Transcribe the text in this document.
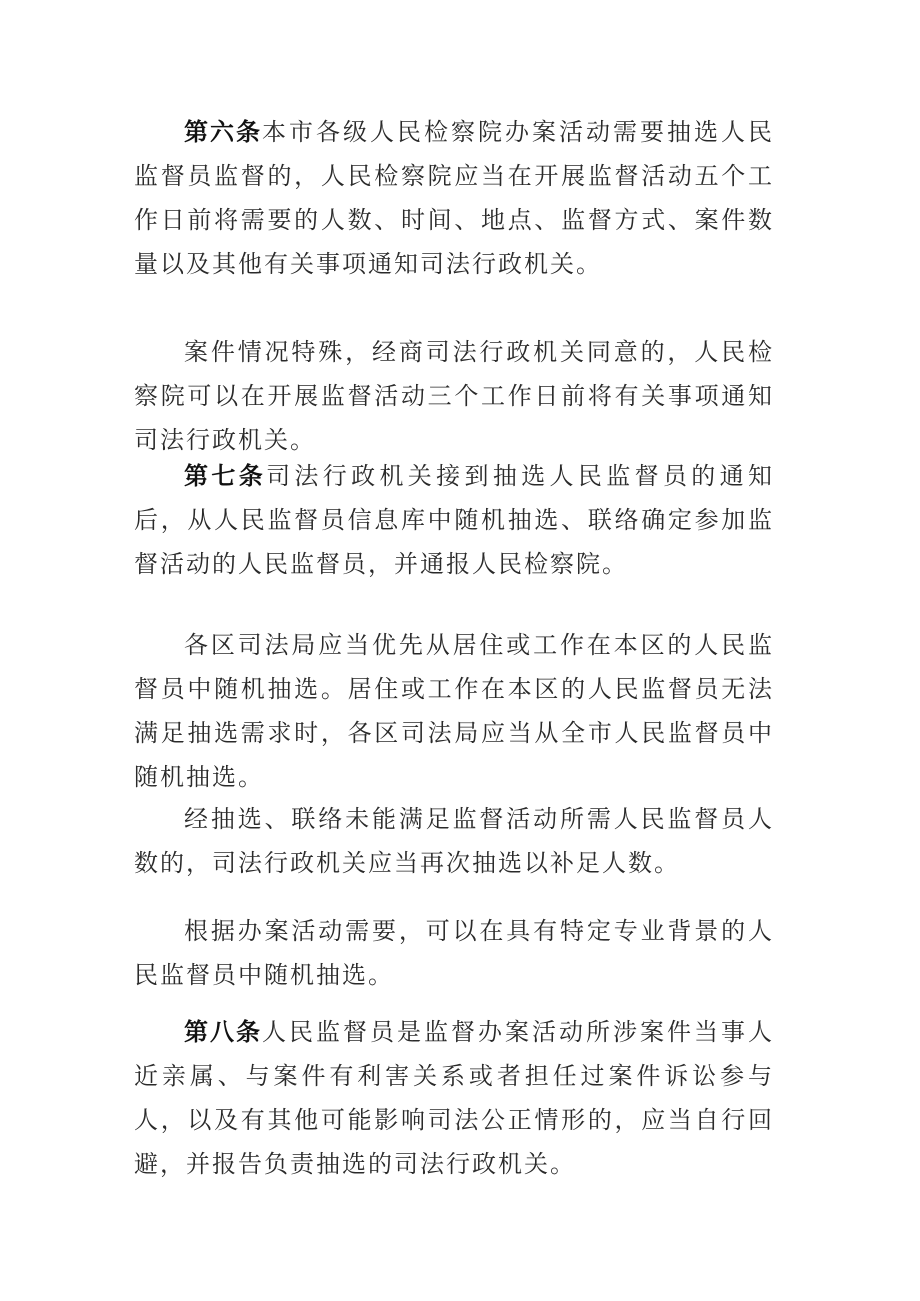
第六条本市各级人民检察院办案活动需要抽选人民监督员监督的，人民检察院应当在开展监督活动五个工作日前将需要的人数、时间、地点、监督方式、案件数量以及其他有关事项通知司法行政机关。

案件情况特殊，经商司法行政机关同意的，人民检察院可以在开展监督活动三个工作日前将有关事项通知司法行政机关。

第七条司法行政机关接到抽选人民监督员的通知后，从人民监督员信息库中随机抽选、联络确定参加监督活动的人民监督员，并通报人民检察院。

各区司法局应当优先从居住或工作在本区的人民监督员中随机抽选。居住或工作在本区的人民监督员无法满足抽选需求时，各区司法局应当从全市人民监督员中随机抽选。

经抽选、联络未能满足监督活动所需人民监督员人数的，司法行政机关应当再次抽选以补足人数。

根据办案活动需要，可以在具有特定专业背景的人民监督员中随机抽选。

第八条人民监督员是监督办案活动所涉案件当事人近亲属、与案件有利害关系或者担任过案件诉讼参与人，以及有其他可能影响司法公正情形的，应当自行回避，并报告负责抽选的司法行政机关。
